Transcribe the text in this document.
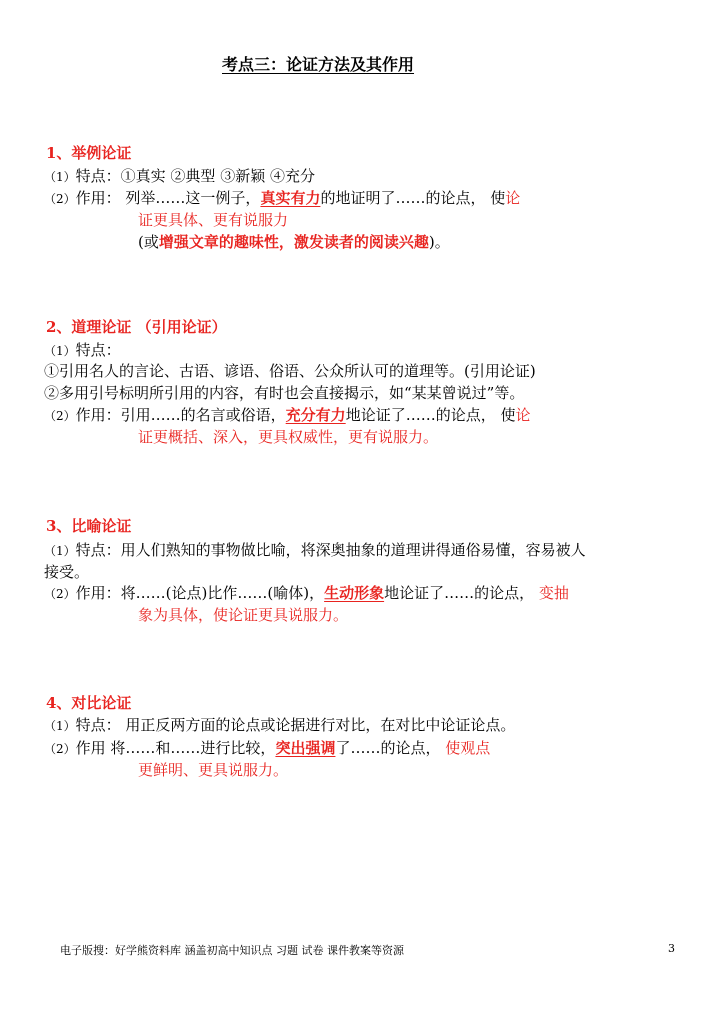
考点三：论证方法及其作用
1、举例论证
（1）特点：①真实 ②典型 ③新颖 ④充分
（2）作用： 列举……这一例子，真实有力的地证明了……的论点， 使论
证更具体、更有说服力
(或增强文章的趣味性，激发读者的阅读兴趣)。
2、道理论证 （引用论证）
（1）特点：
①引用名人的言论、古语、谚语、俗语、公众所认可的道理等。(引用论证)
②多用引号标明所引用的内容，有时也会直接揭示，如“某某曾说过”等。
（2）作用：引用……的名言或俗语，充分有力地论证了……的论点， 使论
证更概括、深入，更具权威性，更有说服力。
3、比喻论证
（1）特点：用人们熟知的事物做比喻，将深奥抽象的道理讲得通俗易懂，容易被人
接受。
（2）作用：将……(论点)比作……(喻体)，生动形象地论证了……的论点， 变抽
象为具体，使论证更具说服力。
4、对比论证
（1）特点： 用正反两方面的论点或论据进行对比，在对比中论证论点。
（2）作用 将……和……进行比较，突出强调了……的论点， 使观点
更鲜明、更具说服力。
电子版搜：好学熊资料库 涵盖初高中知识点 习题 试卷 课件教案等资源	3
